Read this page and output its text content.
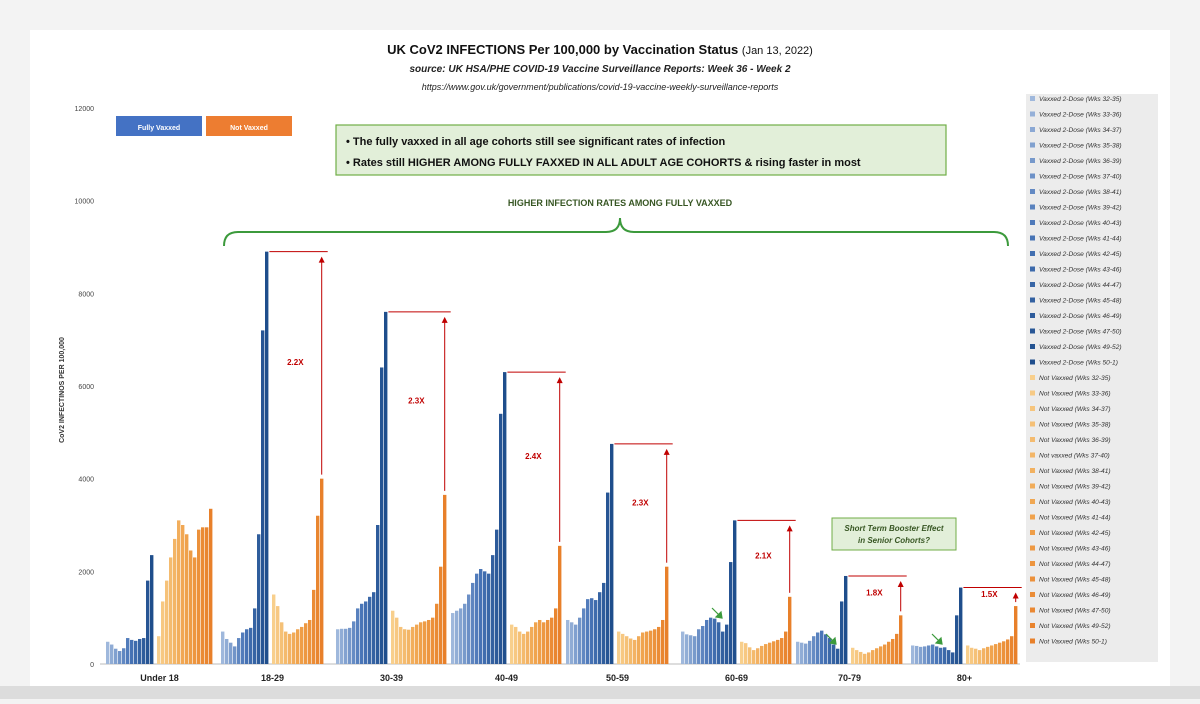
UK CoV2 INFECTIONS Per 100,000 by Vaccination Status (Jan 13, 2022)
source: UK HSA/PHE COVID-19 Vaccine Surveillance Reports: Week 36 - Week 2
https://www.gov.uk/government/publications/covid-19-vaccine-weekly-surveillance-reports
CoV2 INFECTINOS PER 100,000
0
2000
4000
6000
8000
10000
12000
Under 18	18-29	30-39	40-49	50-59	60-69	70-79	80+
2.2X
2.3X
2.4X
2.3X
2.1X
1.8X	1.5X
Fully Vaxxed	Not Vaxxed
• The fully vaxxed in all age cohorts still see significant rates of infection
• Rates still HIGHER AMONG FULLY FAXXED IN ALL ADULT AGE COHORTS & rising faster in most
HIGHER INFECTION RATES AMONG FULLY VAXXED
Short Term Booster Effect
in Senior Cohorts?
Vaxxed 2-Dose (Wks 32-35)
Vaxxed 2-Dose (Wks 33-36)
Vaxxed 2-Dose (Wks 34-37)
Vaxxed 2-Dose (Wks 35-38)
Vaxxed 2-Dose (Wks 36-39)
Vaxxed 2-Dose (Wks 37-40)
Vaxxed 2-Dose (Wks 38-41)
Vaxxed 2-Dose (Wks 39-42)
Vaxxed 2-Dose (Wks 40-43)
Vaxxed 2-Dose (Wks 41-44)
Vaxxed 2-Dose (Wks 42-45)
Vaxxed 2-Dose (Wks 43-46)
Vaxxed 2-Dose (Wks 44-47)
Vaxxed 2-Dose (Wks 45-48)
Vaxxed 2-Dose (Wks 46-49)
Vaxxed 2-Dose (Wks 47-50)
Vaxxed 2-Dose (Wks 49-52)
Vaxxed 2-Dose (Wks 50-1)
Not Vaxxed (Wks 32-35)
Not Vaxxed (Wks 33-36)
Not Vaxxed (Wks 34-37)
Not Vaxxed (Wks 35-38)
Not Vaxxed (Wks 36-39)
Not vaxxed (Wks 37-40)
Not Vaxxed (Wks 38-41)
Not Vaxxed (Wks 39-42)
Not Vaxxed (Wks 40-43)
Not Vaxxed (Wks 41-44)
Not Vaxxed (Wks 42-45)
Not Vaxxed (Wks 43-46)
Not Vaxxed (Wks 44-47)
Not Vaxxed (Wks 45-48)
Not Vaxxed (Wks 46-49)
Not Vaxxed (Wks 47-50)
Not Vaxxed (Wks 49-52)
Not Vaxxed (Wks 50-1)
